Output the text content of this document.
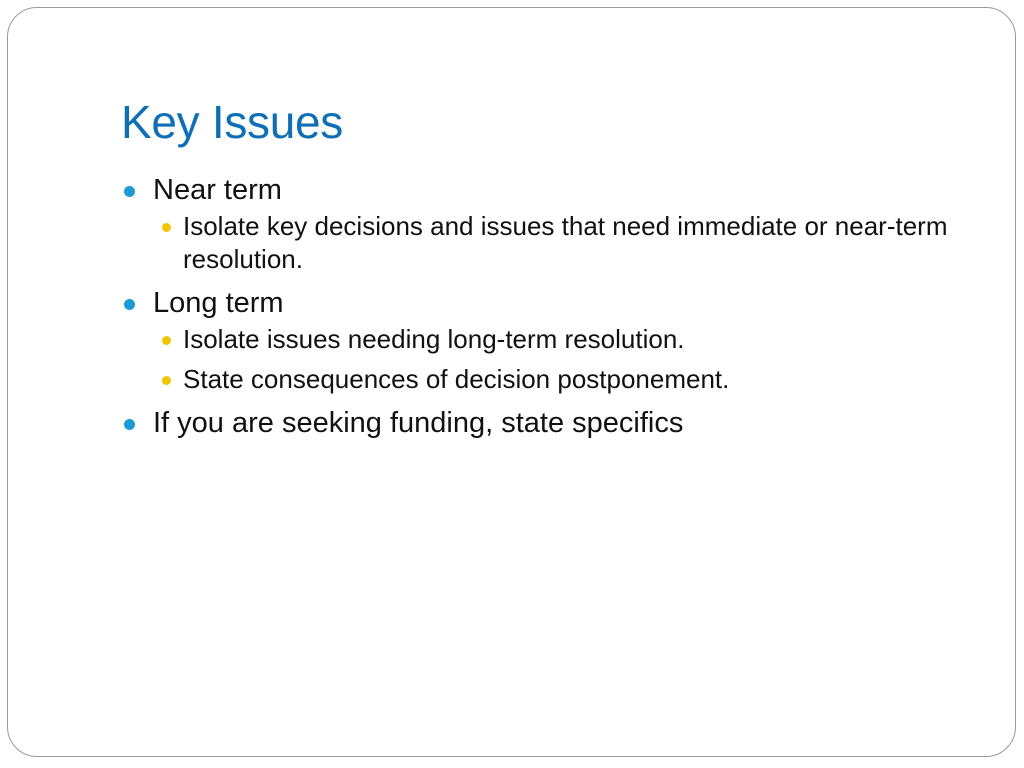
Key Issues
Near term
Isolate key decisions and issues that need immediate or near-term resolution.
Long term
Isolate issues needing long-term resolution.
State consequences of decision postponement.
If you are seeking funding, state specifics
